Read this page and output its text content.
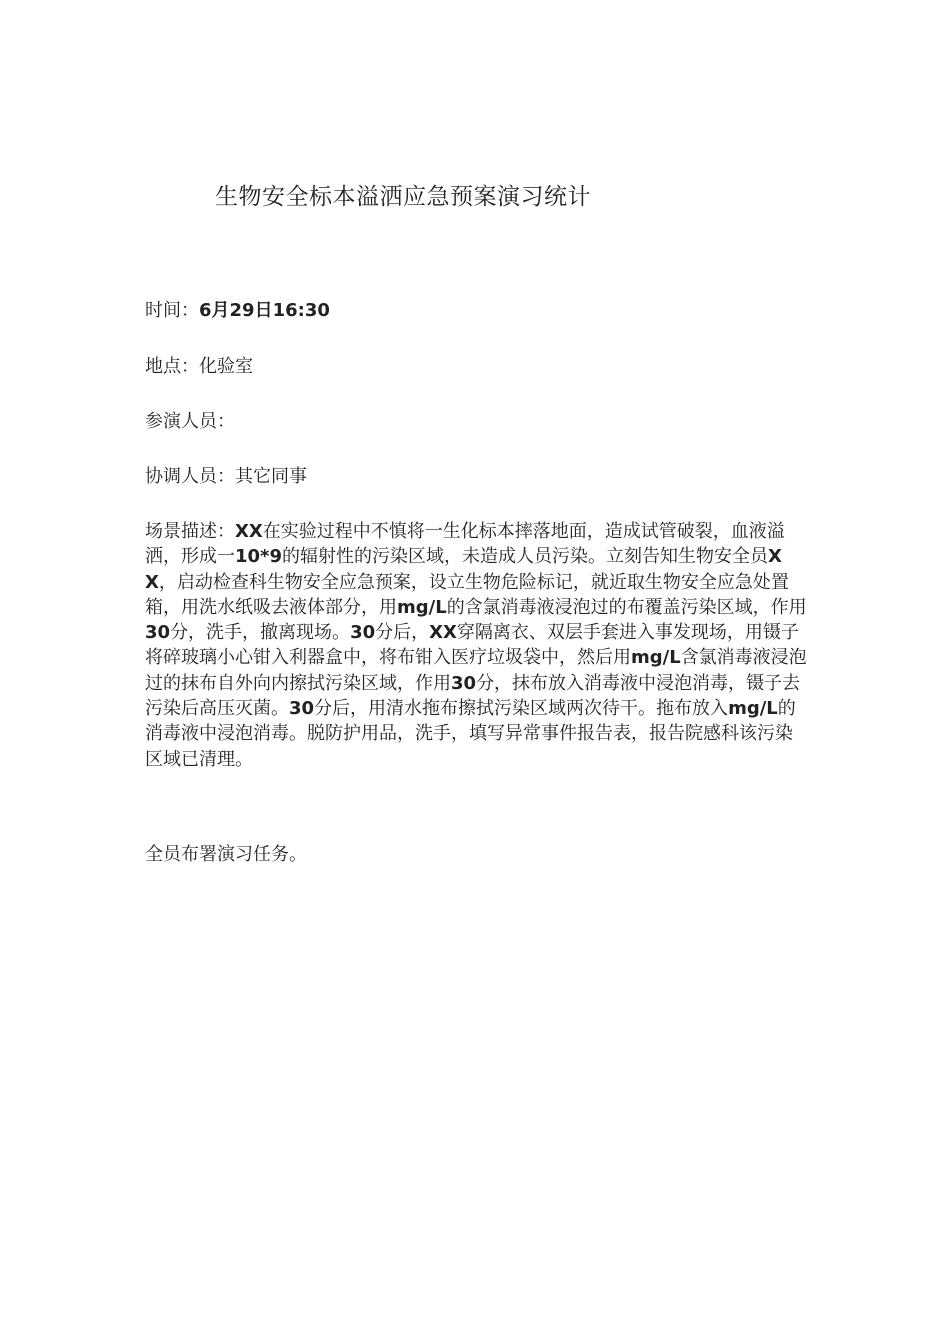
生物安全标本溢洒应急预案演习统计
时间：6月29日16:30
地点：化验室
参演人员：
协调人员：其它同事
场景描述：XX在实验过程中不慎将一生化标本摔落地面，造成试管破裂，血液溢洒，形成一10*9的辐射性的污染区域，未造成人员污染。立刻告知生物安全员XX，启动检查科生物安全应急预案，设立生物危险标记，就近取生物安全应急处置箱，用洗水纸吸去液体部分，用mg/L的含氯消毒液浸泡过的布覆盖污染区域，作用30分，洗手，撤离现场。30分后，XX穿隔离衣、双层手套进入事发现场，用镊子将碎玻璃小心钳入利器盒中，将布钳入医疗垃圾袋中，然后用mg/L含氯消毒液浸泡过的抹布自外向内擦拭污染区域，作用30分，抹布放入消毒液中浸泡消毒，镊子去污染后高压灭菌。30分后，用清水拖布擦拭污染区域两次待干。拖布放入mg/L的消毒液中浸泡消毒。脱防护用品，洗手，填写异常事件报告表，报告院感科该污染区域已清理。
全员布署演习任务。
